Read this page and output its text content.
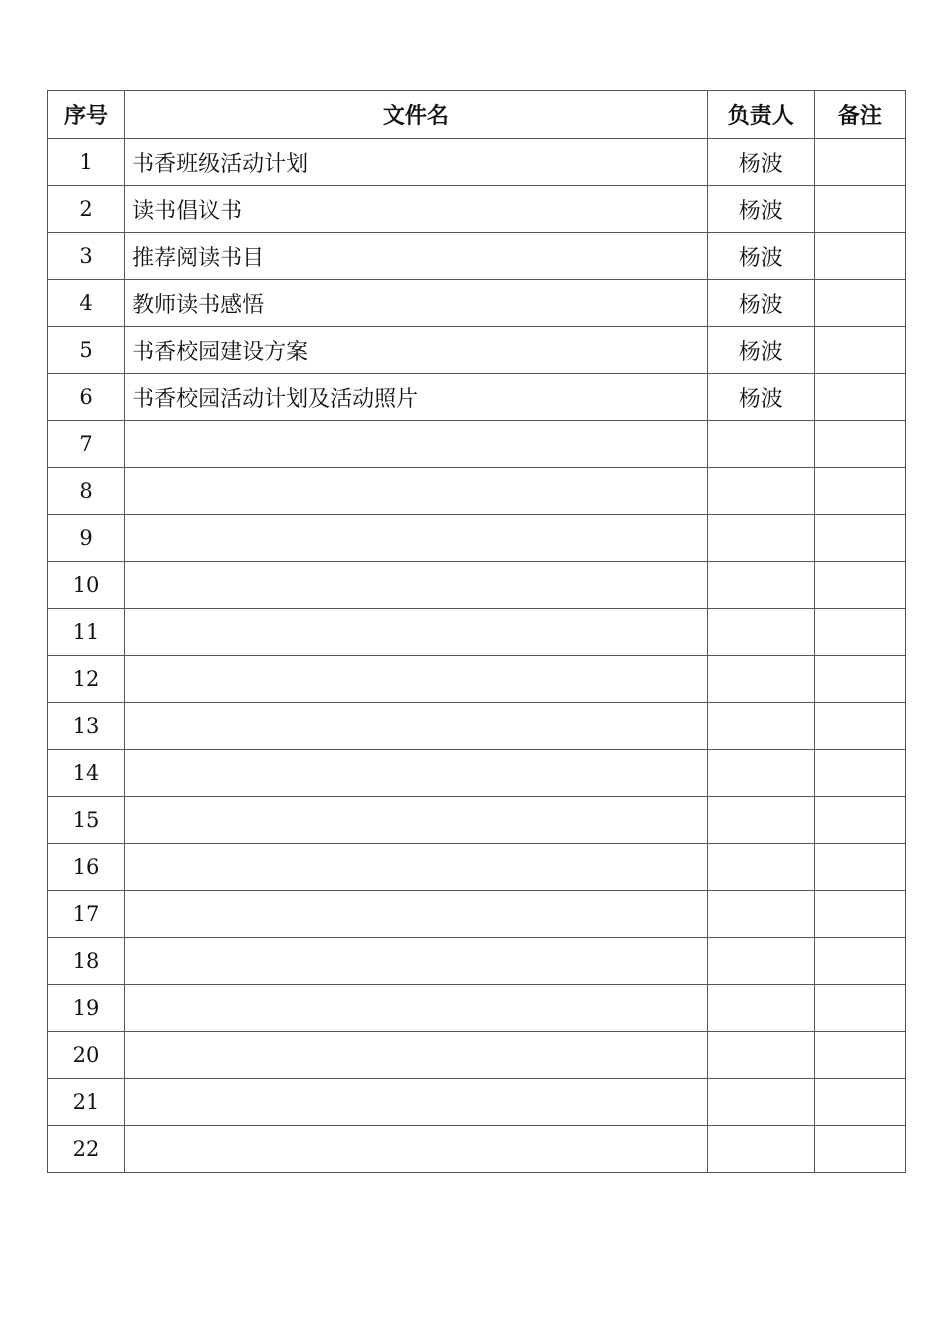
序号	文件名	负责人	备注
1	书香班级活动计划	杨波	
2	读书倡议书	杨波	
3	推荐阅读书目	杨波	
4	教师读书感悟	杨波	
5	书香校园建设方案	杨波	
6	书香校园活动计划及活动照片	杨波	
7			
8			
9			
10			
11			
12			
13			
14			
15			
16			
17			
18			
19			
20			
21			
22			
